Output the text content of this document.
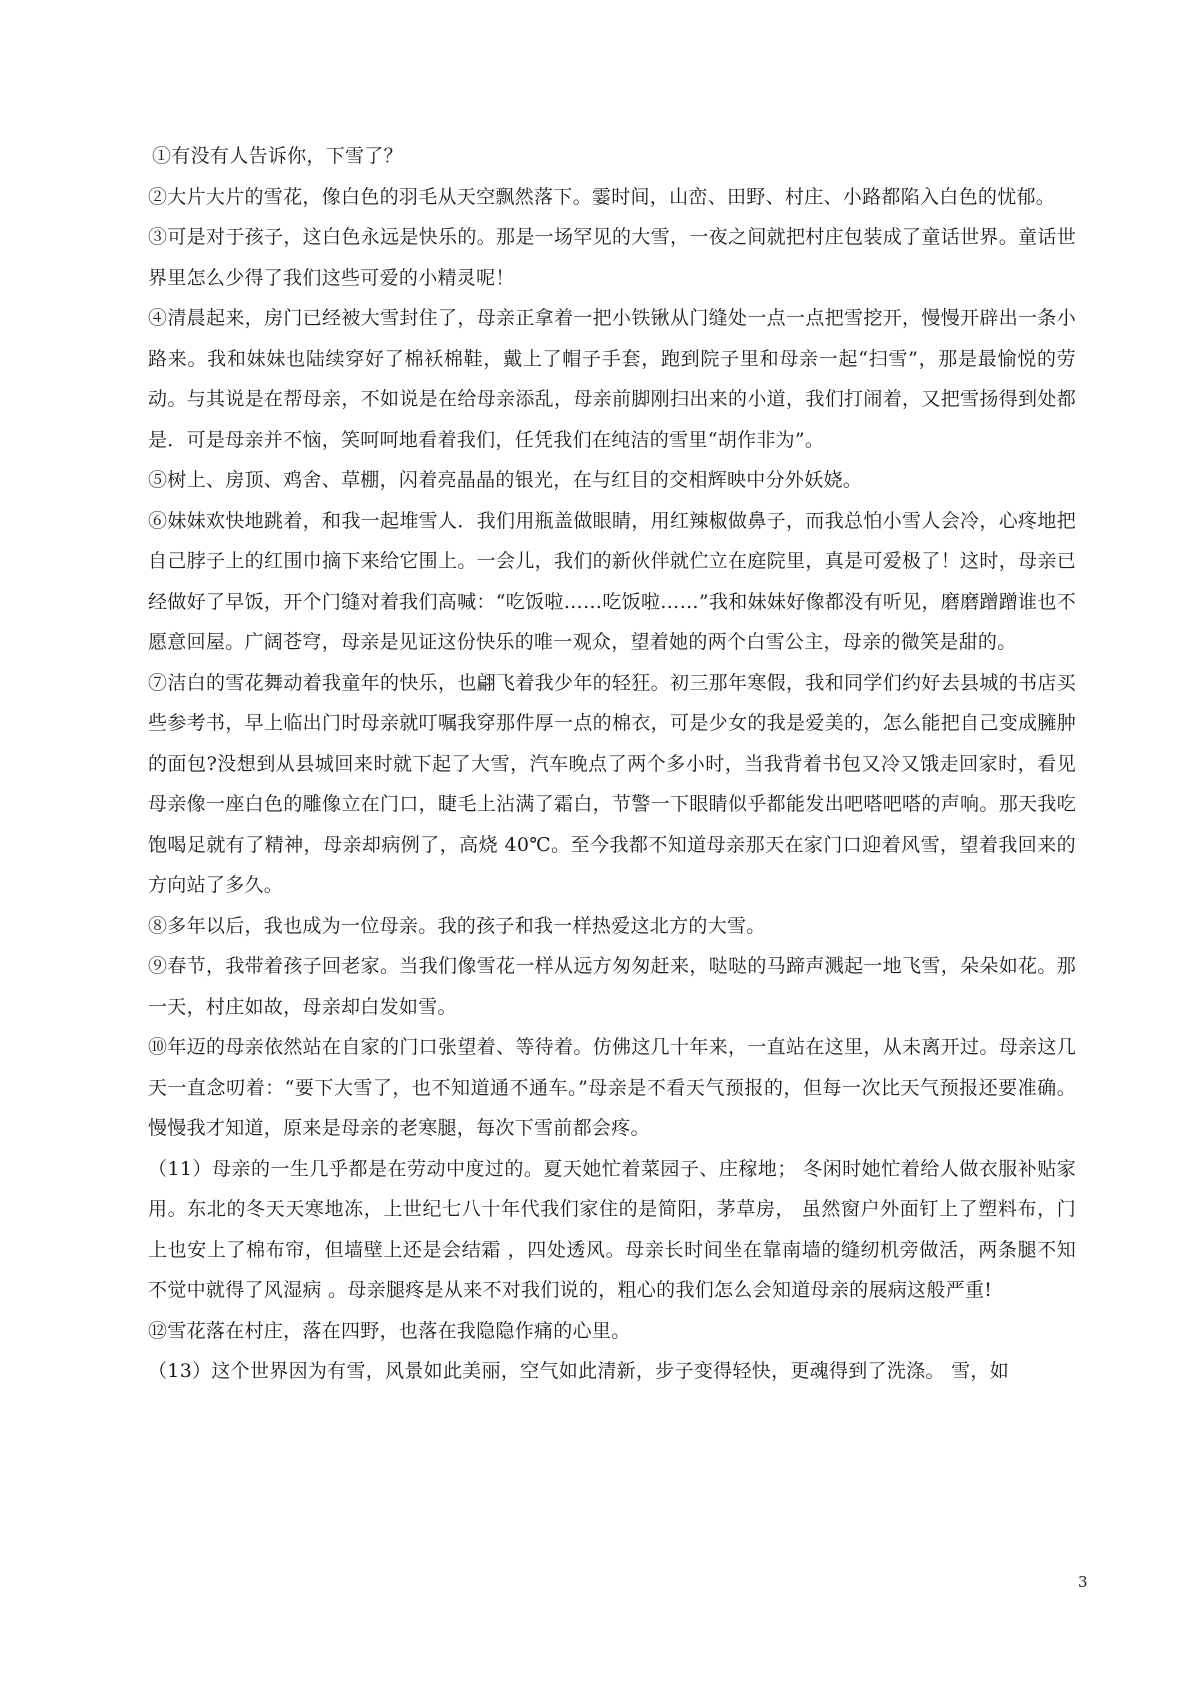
①有没有人告诉你，下雪了？

②大片大片的雪花，像白色的羽毛从天空飘然落下。霎时间，山峦、田野、村庄、小路都陷入白色的忧郁。

③可是对于孩子，这白色永远是快乐的。那是一场罕见的大雪，一夜之间就把村庄包装成了童话世界。童话世界里怎么少得了我们这些可爱的小精灵呢！

④清晨起来，房门已经被大雪封住了，母亲正拿着一把小铁锹从门缝处一点一点把雪挖开，慢慢开辟出一条小路来。我和妹妹也陆续穿好了棉袄棉鞋，戴上了帽子手套，跑到院子里和母亲一起“扫雪”，那是最愉悦的劳动。与其说是在帮母亲，不如说是在给母亲添乱，母亲前脚刚扫出来的小道，我们打闹着，又把雪扬得到处都是．可是母亲并不恼，笑呵呵地看着我们，任凭我们在纯洁的雪里“胡作非为”。

⑤树上、房顶、鸡舍、草棚，闪着亮晶晶的银光，在与红目的交相辉映中分外妖娆。

⑥妹妹欢快地跳着，和我一起堆雪人．我们用瓶盖做眼睛，用红辣椒做鼻子，而我总怕小雪人会冷，心疼地把自己脖子上的红围巾摘下来给它围上。一会儿，我们的新伙伴就伫立在庭院里，真是可爱极了！这时，母亲已经做好了早饭，开个门缝对着我们高喊：“吃饭啦……吃饭啦……”我和妹妹好像都没有听见，磨磨蹭蹭谁也不愿意回屋。广阔苍穹，母亲是见证这份快乐的唯一观众，望着她的两个白雪公主，母亲的微笑是甜的。

⑦洁白的雪花舞动着我童年的快乐，也翩飞着我少年的轻狂。初三那年寒假，我和同学们约好去县城的书店买些参考书，早上临出门时母亲就叮嘱我穿那件厚一点的棉衣，可是少女的我是爱美的，怎么能把自己变成臃肿的面包?没想到从县城回来时就下起了大雪，汽车晚点了两个多小时，当我背着书包又冷又饿走回家时，看见母亲像一座白色的雕像立在门口，睫毛上沾满了霜白，节警一下眼睛似乎都能发出吧嗒吧嗒的声响。那天我吃饱喝足就有了精神，母亲却病例了，高烧 40℃。至今我都不知道母亲那天在家门口迎着风雪，望着我回来的方向站了多久。

⑧多年以后，我也成为一位母亲。我的孩子和我一样热爱这北方的大雪。

⑨春节，我带着孩子回老家。当我们像雪花一样从远方匆匆赶来，哒哒的马蹄声溅起一地飞雪，朵朵如花。那一天，村庄如故，母亲却白发如雪。

⑩年迈的母亲依然站在自家的门口张望着、等待着。仿佛这几十年来，一直站在这里，从未离开过。母亲这几天一直念叨着：“要下大雪了，也不知道通不通车。”母亲是不看天气预报的，但每一次比天气预报还要准确。慢慢我才知道，原来是母亲的老寒腿，每次下雪前都会疼。

（11）母亲的一生几乎都是在劳动中度过的。夏天她忙着菜园子、庄稼地； 冬闲时她忙着给人做衣服补贴家用。东北的冬天天寒地冻，上世纪七八十年代我们家住的是简阳，茅草房， 虽然窗户外面钉上了塑料布，门上也安上了棉布帘，但墙壁上还是会结霜 ，四处透风。母亲长时间坐在靠南墙的缝纫机旁做活，两条腿不知不觉中就得了风湿病 。母亲腿疼是从来不对我们说的，粗心的我们怎么会知道母亲的展病这般严重!

⑫雪花落在村庄，落在四野，也落在我隐隐作痛的心里。

（13）这个世界因为有雪，风景如此美丽，空气如此清新，步子变得轻快，更魂得到了洗涤。 雪，如

3
